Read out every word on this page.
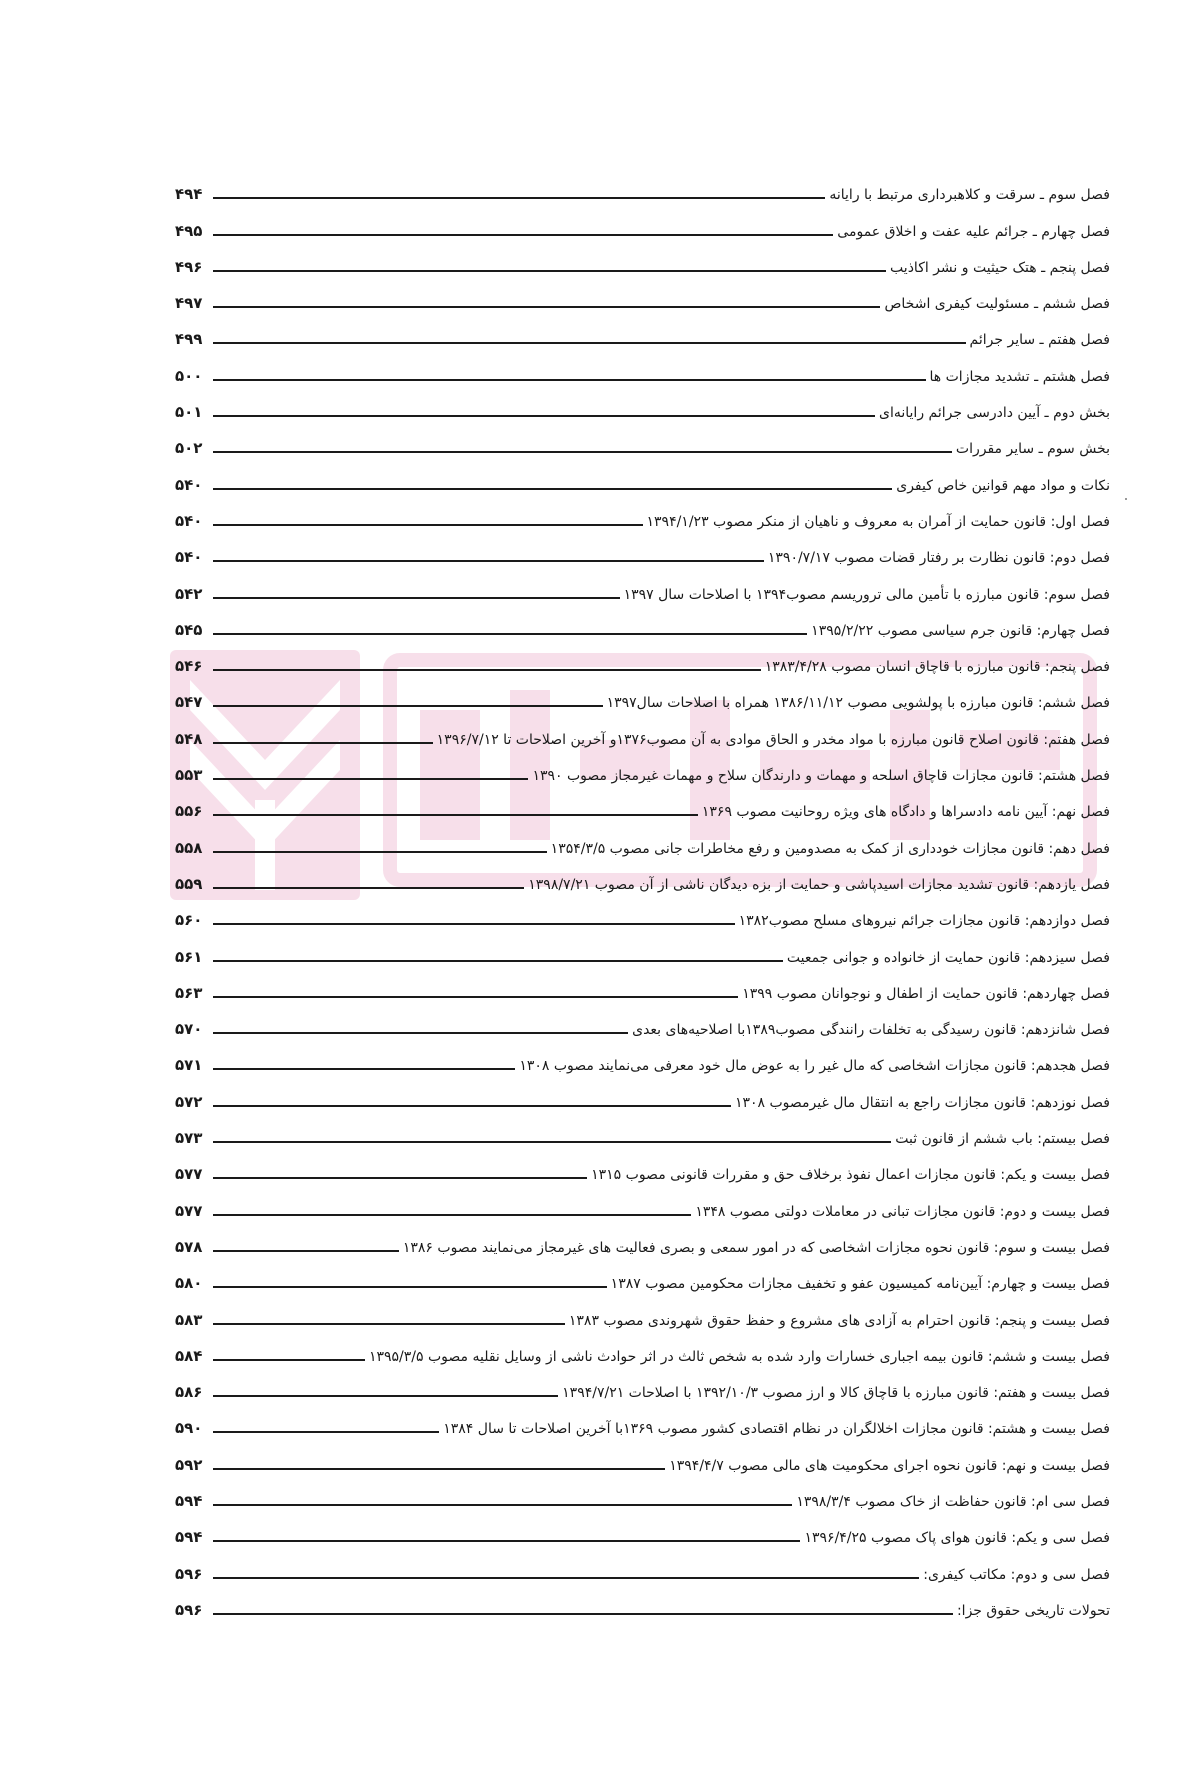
فصل سوم ـ سرقت و کلاهبرداری مرتبط با رایانه
۴۹۴
فصل چهارم ـ جرائم علیه عفت و اخلاق عمومی
۴۹۵
فصل پنجم ـ هتک حیثیت و نشر اکاذیب
۴۹۶
فصل ششم ـ مسئولیت کیفری اشخاص
۴۹۷
فصل هفتم ـ سایر جرائم
۴۹۹
فصل هشتم ـ تشدید مجازات ها
۵۰۰
بخش دوم ـ آیین دادرسی جرائم رایانه‌ای
۵۰۱
بخش سوم ـ سایر مقررات
۵۰۲
نکات و مواد مهم قوانین خاص کیفری
۵۴۰
فصل اول: قانون حمایت از آمران به معروف و ناهیان از منکر مصوب ۱۳۹۴/۱/۲۳
۵۴۰
فصل دوم: قانون نظارت بر رفتار قضات مصوب ۱۳۹۰/۷/۱۷
۵۴۰
فصل سوم: قانون مبارزه با تأمین مالی تروریسم مصوب۱۳۹۴ با اصلاحات سال ۱۳۹۷
۵۴۲
فصل چهارم: قانون جرم سیاسی مصوب ۱۳۹۵/۲/۲۲
۵۴۵
فصل پنجم: قانون مبارزه با قاچاق انسان مصوب ۱۳۸۳/۴/۲۸
۵۴۶
فصل ششم: قانون مبارزه با پولشویی مصوب ۱۳۸۶/۱۱/۱۲ همراه با اصلاحات سال۱۳۹۷
۵۴۷
فصل هفتم: قانون اصلاح قانون مبارزه با مواد مخدر و الحاق موادی به آن مصوب۱۳۷۶و آخرین اصلاحات تا ۱۳۹۶/۷/۱۲
۵۴۸
فصل هشتم: قانون مجازات قاچاق اسلحه و مهمات و دارندگان سلاح و مهمات غیرمجاز مصوب ۱۳۹۰
۵۵۳
فصل نهم: آیین نامه دادسراها و دادگاه های ویژه روحانیت مصوب ۱۳۶۹
۵۵۶
فصل دهم: قانون مجازات خودداری از کمک به مصدومین و رفع مخاطرات جانی مصوب ۱۳۵۴/۳/۵
۵۵۸
فصل یازدهم: قانون تشدید مجازات اسیدپاشی و حمایت از بزه دیدگان ناشی از آن مصوب ۱۳۹۸/۷/۲۱
۵۵۹
فصل دوازدهم: قانون مجازات جرائم نیروهای مسلح مصوب۱۳۸۲
۵۶۰
فصل سیزدهم: قانون حمایت از خانواده و جوانی جمعیت
۵۶۱
فصل چهاردهم: قانون حمایت از اطفال و نوجوانان مصوب ۱۳۹۹
۵۶۳
فصل شانزدهم: قانون رسیدگی به تخلفات رانندگی مصوب۱۳۸۹با اصلاحیه‌های بعدی
۵۷۰
فصل هجدهم: قانون مجازات اشخاصی که مال غیر را به عوض مال خود معرفی می‌نمایند مصوب ۱۳۰۸
۵۷۱
فصل نوزدهم: قانون مجازات راجع به انتقال مال غیرمصوب ۱۳۰۸
۵۷۲
فصل بیستم: باب ششم از قانون ثبت
۵۷۳
فصل بیست و یکم: قانون مجازات اعمال نفوذ برخلاف حق و مقررات قانونی مصوب ۱۳۱۵
۵۷۷
فصل بیست و دوم: قانون مجازات تبانی در معاملات دولتی مصوب ۱۳۴۸
۵۷۷
فصل بیست و سوم: قانون نحوه مجازات اشخاصی که در امور سمعی و بصری فعالیت های غیرمجاز می‌نمایند مصوب ۱۳۸۶
۵۷۸
فصل بیست و چهارم: آیین‌نامه کمیسیون عفو و تخفیف مجازات محکومین مصوب ۱۳۸۷
۵۸۰
فصل بیست و پنجم: قانون احترام به آزادی های مشروع و حفظ حقوق شهروندی مصوب ۱۳۸۳
۵۸۳
فصل بیست و ششم: قانون بیمه اجباری خسارات وارد شده به شخص ثالث در اثر حوادث ناشی از وسایل نقلیه مصوب ۱۳۹۵/۳/۵
۵۸۴
فصل بیست و هفتم: قانون مبارزه با قاچاق کالا و ارز مصوب ۱۳۹۲/۱۰/۳ با اصلاحات ۱۳۹۴/۷/۲۱
۵۸۶
فصل بیست و هشتم: قانون مجازات اخلالگران در نظام اقتصادی کشور مصوب ۱۳۶۹با آخرین اصلاحات تا سال ۱۳۸۴
۵۹۰
فصل بیست و نهم: قانون نحوه اجرای محکومیت های مالی مصوب ۱۳۹۴/۴/۷
۵۹۲
فصل سی ام: قانون حفاظت از خاک مصوب ۱۳۹۸/۳/۴
۵۹۴
فصل سی و یکم: قانون هوای پاک مصوب ۱۳۹۶/۴/۲۵
۵۹۴
فصل سی و دوم: مکاتب کیفری:
۵۹۶
تحولات تاریخی حقوق جزا:
۵۹۶
